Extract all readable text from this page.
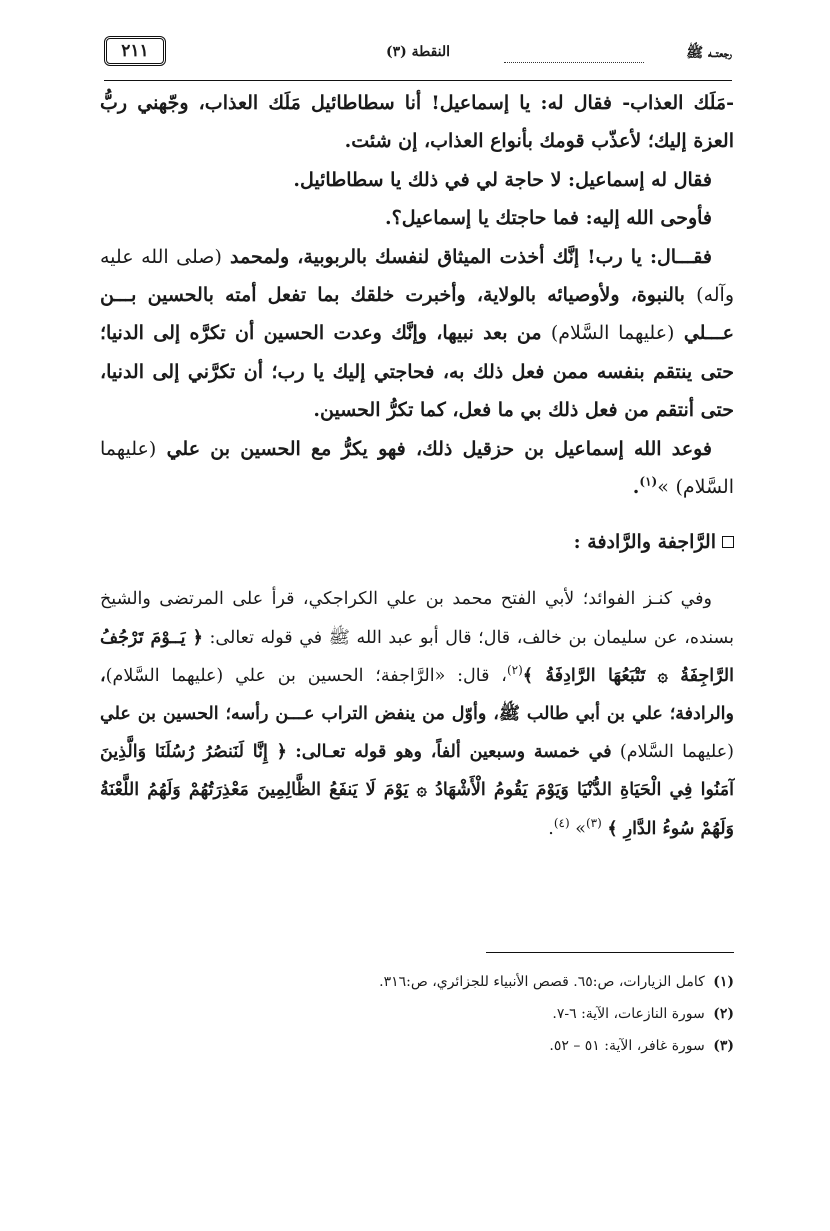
رجعتــه ﷺ
النقطة (٣)
٢١١

-مَلَك العذاب- فقال له: يا إسماعيل! أنا سطاطائيل مَلَك العذاب، وجّهني ربُّ العزة إليك؛ لأعذّب قومك بأنواع العذاب، إن شئت.

فقال له إسماعيل: لا حاجة لي في ذلك يا سطاطائيل.

فأوحى الله إليه: فما حاجتك يا إسماعيل؟.

فقـــال: يا رب! إنَّك أخذت الميثاق لنفسك بالربوبية، ولمحمد (صلى الله عليه وآله) بالنبوة، ولأوصيائه بالولاية، وأخبرت خلقك بما تفعل أمته بالحسين بـــن عـــلي (عليهما السَّلام) من بعد نبيها، وإنَّك وعدت الحسين أن تكرَّه إلى الدنيا؛ حتى ينتقم بنفسه ممن فعل ذلك به، فحاجتي إليك يا رب؛ أن تكرَّني إلى الدنيا، حتى أنتقم من فعل ذلك بي ما فعل، كما تكرُّ الحسين.

فوعد الله إسماعيل بن حزقيل ذلك، فهو يكرُّ مع الحسين بن علي (عليهما السَّلام) »$^{(١)}$.

الرَّاجفة والرَّادفة :

وفي كنـز الفوائد؛ لأبي الفتح محمد بن علي الكراجكي، قرأ على المرتضى والشيخ بسنده، عن سليمان بن خالف، قال؛ قال أبو عبد الله ﷺ في قوله تعالى: ﴿ يَــوْمَ تَرْجُفُ الرَّاجِفَةُ ۞ تَتْبَعُهَا الرَّادِفَةُ ﴾$^{(٢)}$، قال: «الرَّاجفة؛ الحسين بن علي (عليهما السَّلام)، والرادفة؛ علي بن أبي طالب ﷺ، وأوّل من ينفض التراب عـــن رأسه؛ الحسين بن علي (عليهما السَّلام) في خمسة وسبعين ألفاً، وهو قوله تعـالى: ﴿ إِنَّا لَنَنصُرُ رُسُلَنَا وَالَّذِينَ آمَنُوا فِي الْحَيَاةِ الدُّنْيَا وَيَوْمَ يَقُومُ الْأَشْهَادُ ۞ يَوْمَ لَا يَنفَعُ الظَّالِمِينَ مَعْذِرَتُهُمْ وَلَهُمُ اللَّعْنَةُ وَلَهُمْ سُوءُ الدَّارِ ﴾ $^{(٣)}$» $^{(٤)}$.

(١) كامل الزيارات، ص:٦٥. قصص الأنبياء للجزائري، ص:٣١٦.

(٢) سورة النازعات، الآية: ٦-٧.

(٣) سورة غافر، الآية: ٥١ – ٥٢.
